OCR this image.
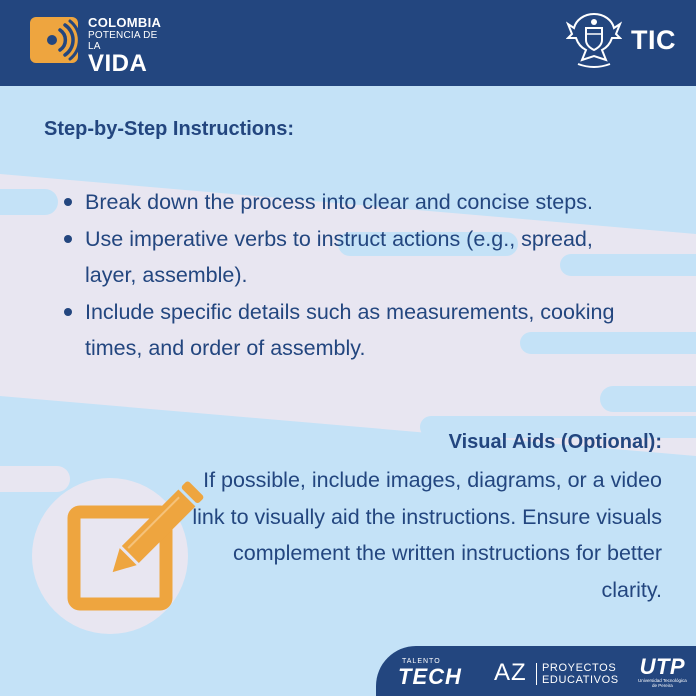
COLOMBIA
POTENCIA DE LA
VIDA
TIC
Step-by-Step Instructions:
Break down the process into clear and concise steps.
Use imperative verbs to instruct actions (e.g., spread, layer, assemble).
Include specific details such as measurements, cooking times, and order of assembly.
Visual Aids (Optional):

If possible, include images, diagrams, or a video link to visually aid the instructions. Ensure visuals complement the written instructions for better clarity.

TALENTO
TECH AZ PROYECTOS
EDUCATIVOS
UTP
Universidad Tecnológica
de Pereira
